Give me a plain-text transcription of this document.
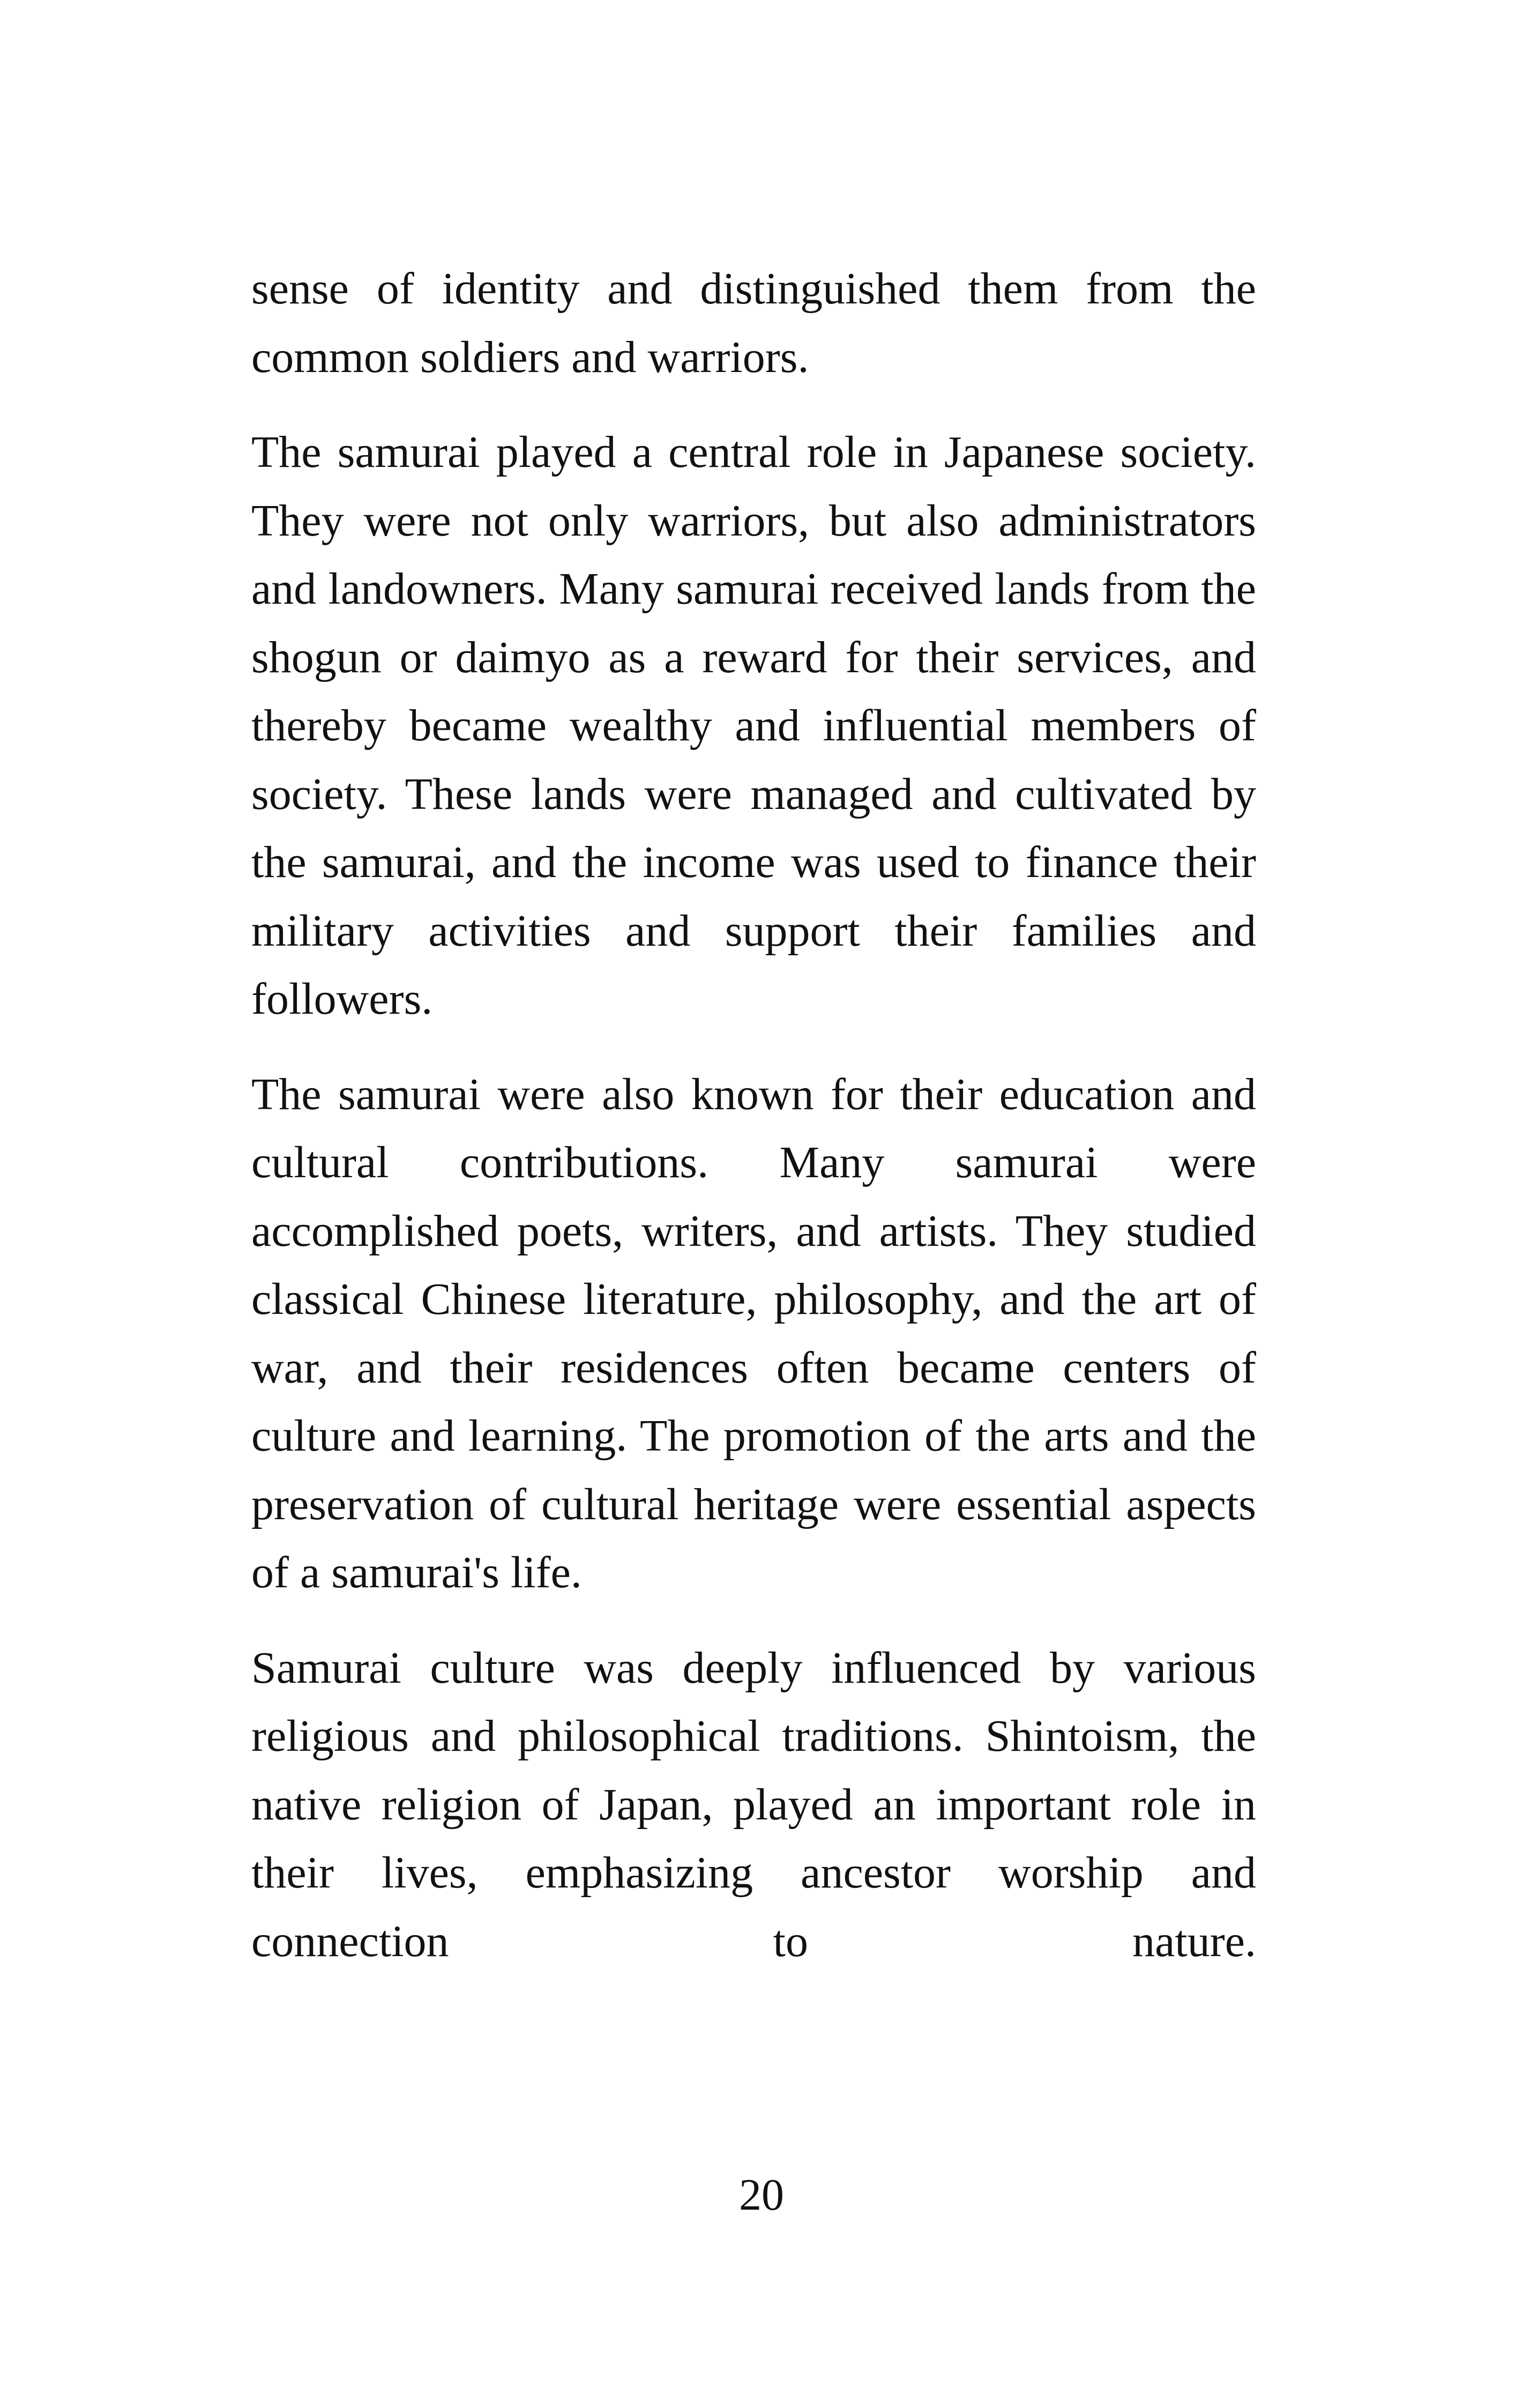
sense of identity and distinguished them from the common soldiers and warriors.

The samurai played a central role in Japanese society. They were not only warriors, but also administrators and landowners. Many samurai received lands from the shogun or daimyo as a reward for their services, and thereby became wealthy and influential members of society. These lands were managed and cultivated by the samurai, and the income was used to finance their military activities and support their families and followers.

The samurai were also known for their education and cultural contributions. Many samurai were accomplished poets, writers, and artists. They studied classical Chinese literature, philosophy, and the art of war, and their residences often became centers of culture and learning. The promotion of the arts and the preservation of cultural heritage were essential aspects of a samurai's life.

Samurai culture was deeply influenced by various religious and philosophical traditions. Shintoism, the native religion of Japan, played an important role in their lives, emphasizing ancestor worship and connection to nature.

20
